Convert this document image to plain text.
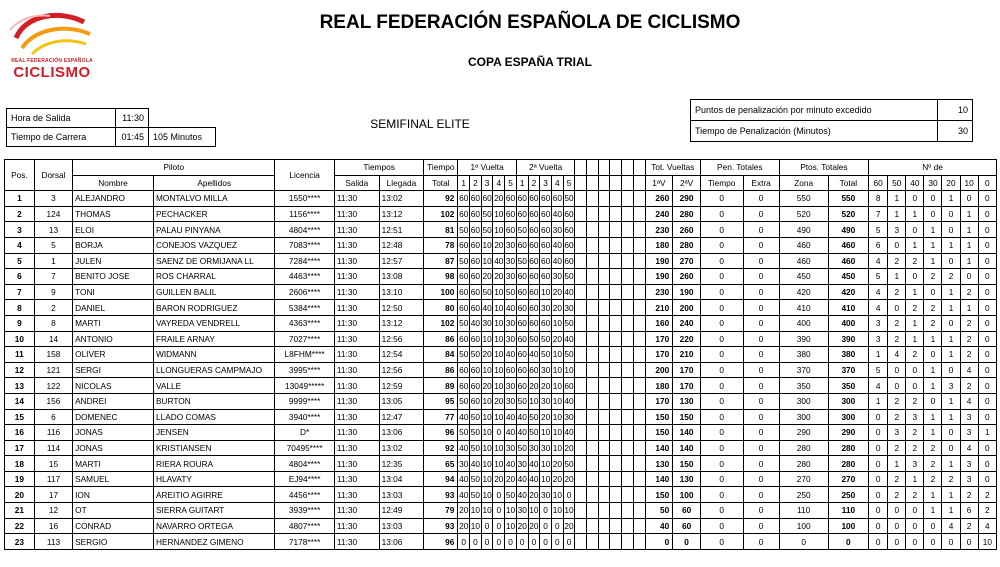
REAL FEDERACIÓN ESPAÑOLA
CICLISMO
REAL FEDERACIÓN ESPAÑOLA DE CICLISMO
COPA ESPAÑA TRIAL
SEMIFINAL ELITE
Hora de Salida	11:30	
Tiempo de Carrera	01:45	105 Minutos
Puntos de penalización por minuto excedido	10
Tiempo de Penalización (Minutos)	30
Pos.	Dorsal	Piloto		Licencia	Tiempos		Tiempo	1ª Vuelta					2ª Vuelta											Tot. Vueltas		Pen. Totales		Ptos. Totales		Nº de						
		Nombre	Apellidos		Salida	Llegada	Total	1	2	3	4	5	1	2	3	4	5							1ªV	2ªV	Tiempo	Extra	Zona	Total	60	50	40	30	20	10	0
1	3	ALEJANDRO	MONTALVO MILLA	1550****	11:30	13:02	92	60	60	60	20	60	60	60	60	60	50							260	290	0	0	550	550	8	1	0	0	1	0	0
2	124	THOMAS	PECHACKER	1156****	11:30	13:12	102	60	60	50	10	60	60	60	60	40	60							240	280	0	0	520	520	7	1	1	0	0	1	0
3	13	ELOI	PALAU PINYANA	4804****	11:30	12:51	81	50	60	50	10	60	50	60	60	30	60							230	260	0	0	490	490	5	3	0	1	0	1	0
4	5	BORJA	CONEJOS VAZQUEZ	7083****	11:30	12:48	78	60	60	10	20	30	60	60	60	40	60							180	280	0	0	460	460	6	0	1	1	1	1	0
5	1	JULEN	SAENZ DE ORMIJANA LL	7284****	11:30	12:57	87	50	60	10	40	30	50	60	60	40	60							190	270	0	0	460	460	4	2	2	1	0	1	0
6	7	BENITO JOSE	ROS CHARRAL	4463****	11:30	13:08	98	60	60	20	20	30	60	60	60	30	50							190	260	0	0	450	450	5	1	0	2	2	0	0
7	9	TONI	GUILLEN BALIL	2606****	11:30	13:10	100	60	60	50	10	50	60	60	10	20	40							230	190	0	0	420	420	4	2	1	0	1	2	0
8	2	DANIEL	BARON RODRIGUEZ	5384****	11:30	12:50	80	60	60	40	10	40	60	60	30	20	30							210	200	0	0	410	410	4	0	2	2	1	1	0
9	8	MARTI	VAYREDA VENDRELL	4363****	11:30	13:12	102	50	40	30	10	30	60	60	60	10	50							160	240	0	0	400	400	3	2	1	2	0	2	0
10	14	ANTONIO	FRAILE ARNAY	7027****	11:30	12:56	86	60	60	10	10	30	60	50	50	20	40							170	220	0	0	390	390	3	2	1	1	1	2	0
11	158	OLIVER	WIDMANN	L8FHM****	11:30	12:54	84	50	50	20	10	40	60	40	50	10	50							170	210	0	0	380	380	1	4	2	0	1	2	0
12	121	SERGI	LLONGUERAS CAMPMAJO	3995****	11:30	12:56	86	60	60	10	10	60	60	60	30	10	10							200	170	0	0	370	370	5	0	0	1	0	4	0
13	122	NICOLAS	VALLE	13049*****	11:30	12:59	89	60	60	20	10	30	60	20	20	10	60							180	170	0	0	350	350	4	0	0	1	3	2	0
14	156	ANDREI	BURTON	9999****	11:30	13:05	95	50	60	10	20	30	50	10	30	10	40							170	130	0	0	300	300	1	2	2	0	1	4	0
15	6	DOMENEC	LLADO COMAS	3940****	11:30	12:47	77	40	50	10	10	40	40	50	20	10	30							150	150	0	0	300	300	0	2	3	1	1	3	0
16	116	JONAS	JENSEN	D*	11:30	13:06	96	50	50	10	0	40	40	50	10	10	40							150	140	0	0	290	290	0	3	2	1	0	3	1
17	114	JONAS	KRISTIANSEN	70495****	11:30	13:02	92	40	50	10	10	30	50	30	30	10	20							140	140	0	0	280	280	0	2	2	2	0	4	0
18	15	MARTI	RIERA ROURA	4804****	11:30	12:35	65	30	40	10	10	40	30	40	10	20	50							130	150	0	0	280	280	0	1	3	2	1	3	0
19	117	SAMUEL	HLAVATY	EJ94****	11:30	13:04	94	40	50	10	20	20	40	40	10	20	20							140	130	0	0	270	270	0	2	1	2	2	3	0
20	17	ION	AREITIO AGIRRE	4456****	11:30	13:03	93	40	50	10	0	50	40	20	30	10	0							150	100	0	0	250	250	0	2	2	1	1	2	2
21	12	OT	SIERRA GUITART	3939****	11:30	12:49	79	20	10	10	0	10	30	10	0	10	10							50	60	0	0	110	110	0	0	0	1	1	6	2
22	16	CONRAD	NAVARRO ORTEGA	4807****	11:30	13:03	93	20	10	0	0	10	20	20	0	0	20							40	60	0	0	100	100	0	0	0	0	4	2	4
23	113	SERGIO	HERNANDEZ GIMENO	7178****	11:30	13:06	96	0	0	0	0	0	0	0	0	0	0							0	0	0	0	0	0	0	0	0	0	0	0	10
